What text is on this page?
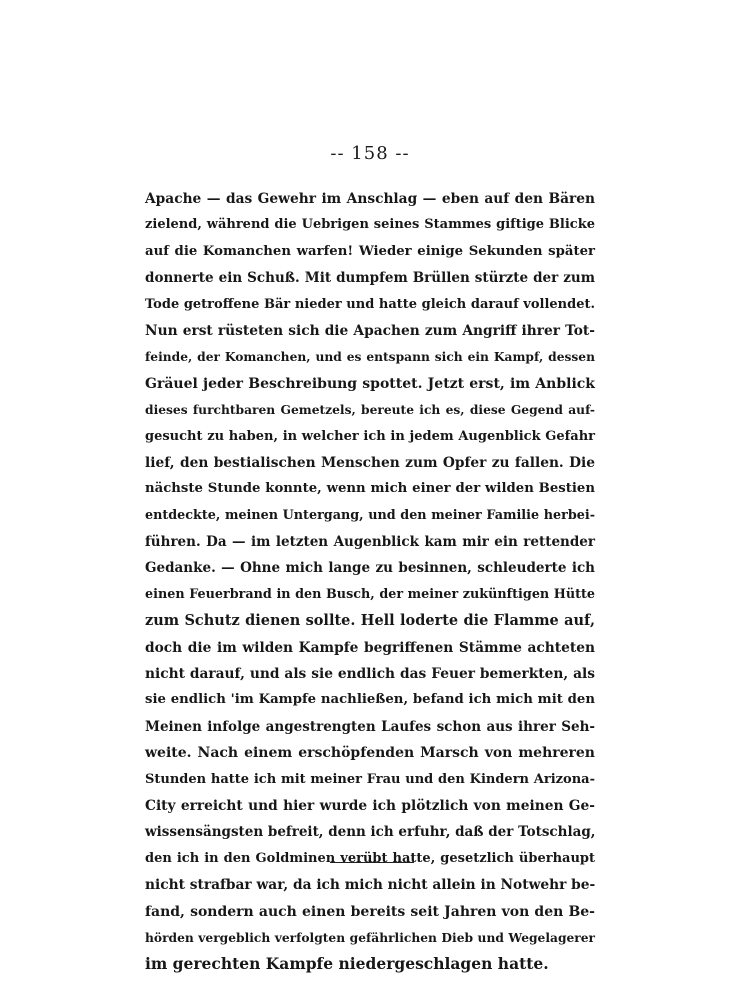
-- 158 --
Apache — das Gewehr im Anschlag — eben auf den Bären
zielend, während die Uebrigen seines Stammes giftige Blicke
auf die Komanchen warfen! Wieder einige Sekunden später
donnerte ein Schuß. Mit dumpfem Brüllen stürzte der zum
Tode getroffene Bär nieder und hatte gleich darauf vollendet.
Nun erst rüsteten sich die Apachen zum Angriff ihrer Tot-
feinde, der Komanchen, und es entspann sich ein Kampf, dessen
Gräuel jeder Beschreibung spottet. Jetzt erst, im Anblick
dieses furchtbaren Gemetzels, bereute ich es, diese Gegend auf-
gesucht zu haben, in welcher ich in jedem Augenblick Gefahr
lief, den bestialischen Menschen zum Opfer zu fallen. Die
nächste Stunde konnte, wenn mich einer der wilden Bestien
entdeckte, meinen Untergang, und den meiner Familie herbei-
führen. Da — im letzten Augenblick kam mir ein rettender
Gedanke. — Ohne mich lange zu besinnen, schleuderte ich
einen Feuerbrand in den Busch, der meiner zukünftigen Hütte
zum Schutz dienen sollte. Hell loderte die Flamme auf,
doch die im wilden Kampfe begriffenen Stämme achteten
nicht darauf, und als sie endlich das Feuer bemerkten, als
sie endlich 'im Kampfe nachließen, befand ich mich mit den
Meinen infolge angestrengten Laufes schon aus ihrer Seh-
weite. Nach einem erschöpfenden Marsch von mehreren
Stunden hatte ich mit meiner Frau und den Kindern Arizona-
City erreicht und hier wurde ich plötzlich von meinen Ge-
wissensängsten befreit, denn ich erfuhr, daß der Totschlag,
den ich in den Goldminen verübt hatte, gesetzlich überhaupt
nicht strafbar war, da ich mich nicht allein in Notwehr be-
fand, sondern auch einen bereits seit Jahren von den Be-
hörden vergeblich verfolgten gefährlichen Dieb und Wegelagerer
im gerechten Kampfe niedergeschlagen hatte.
